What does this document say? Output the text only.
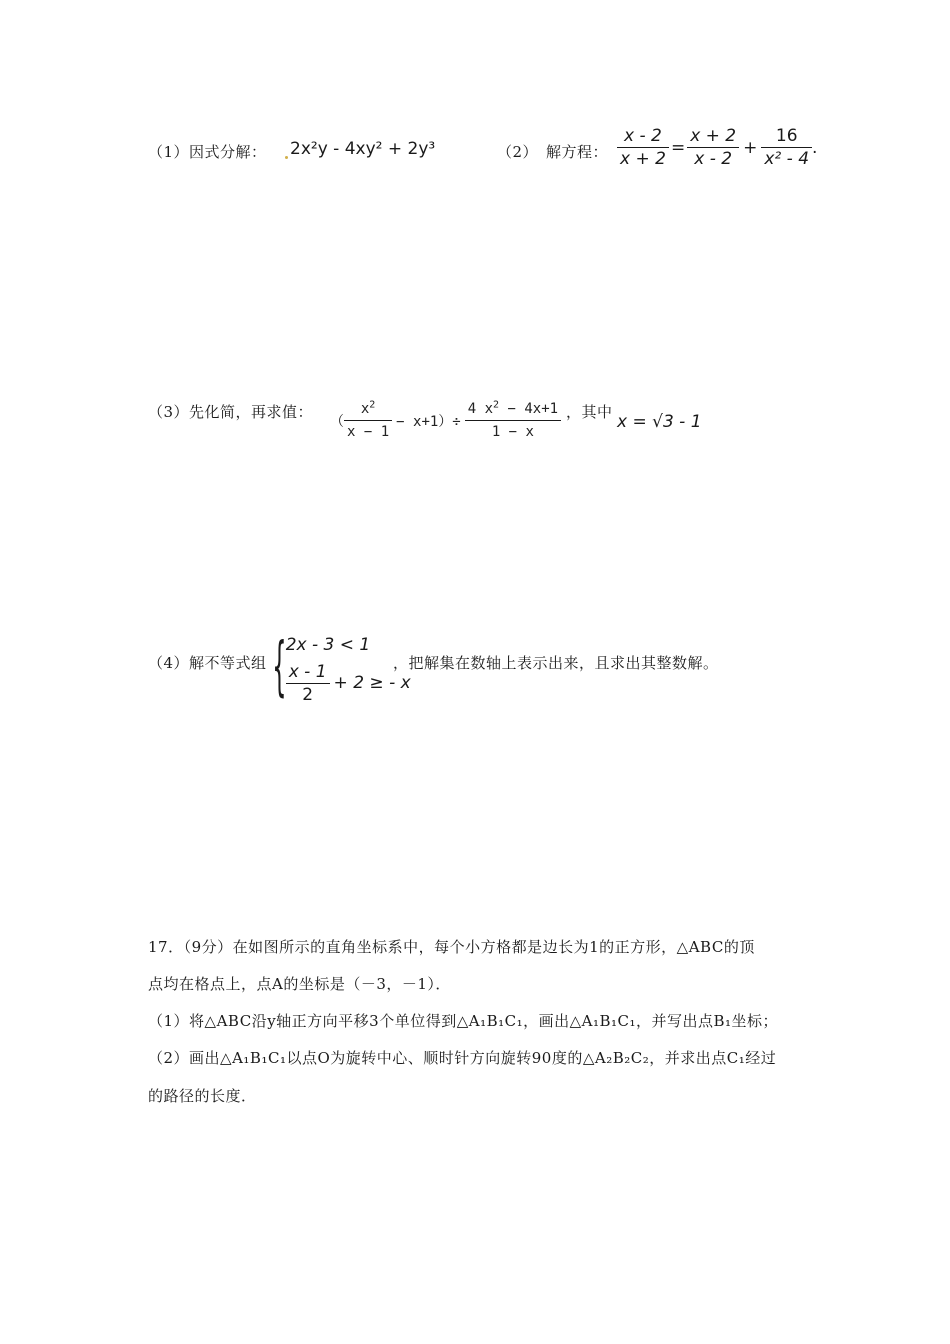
（1）因式分解： 2x²y - 4xy² + 2y³	（2）　解方程： $\frac{x - 2}{x + 2} = \frac{x + 2}{x - 2} + \frac{16}{\text{x² - 4}}$ .
（3）先化简，再求值：
（ $\frac{x^2}{x - 1} - x+1)\div \frac{4 x^2 - 4x+1}{1 - x}$ ，其中 x = √3 - 1
（4）解不等式组 { 2x - 3 < 1
$\frac{x - 1}{2} + 2$ ≥ - x
，把解集在数轴上表示出来，且求出其整数解。
17．（9分）在如图所示的直角坐标系中，每个小方格都是边长为1的正方形，△ABC的顶
点均在格点上，点A的坐标是（－3，－1）．
（1）将△ABC沿y轴正方向平移3个单位得到△A₁B₁C₁，画出△A₁B₁C₁，并写出点B₁坐标；
（2）画出△A₁B₁C₁以点O为旋转中心、顺时针方向旋转90度的△A₂B₂C₂，并求出点C₁经过
的路径的长度．
